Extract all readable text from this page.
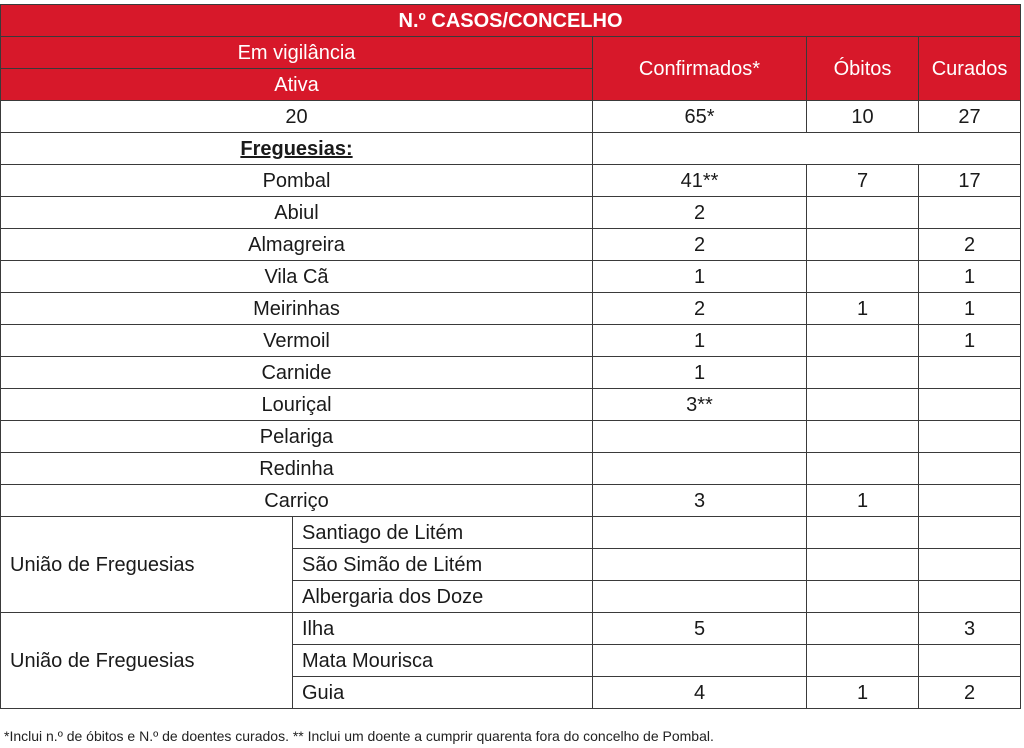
N.º CASOS/CONCELHO				
Em vigilância		Confirmados*	Óbitos	Curados
Ativa				
20		65*	10	27
Freguesias:				
Pombal		41**	7	17
Abiul		2		
Almagreira		2		2
Vila Cã		1		1
Meirinhas		2	1	1
Vermoil		1		1
Carnide		1		
Louriçal		3**		
Pelariga				
Redinha				
Carriço		3	1	
União de Freguesias	Santiago de Litém			
	São Simão de Litém			
	Albergaria dos Doze			
União de Freguesias	Ilha	5		3
	Mata Mourisca			
	Guia	4	1	2
*Inclui n.º de óbitos e N.º de doentes curados. ** Inclui um doente a cumprir quarenta fora do concelho de Pombal.
